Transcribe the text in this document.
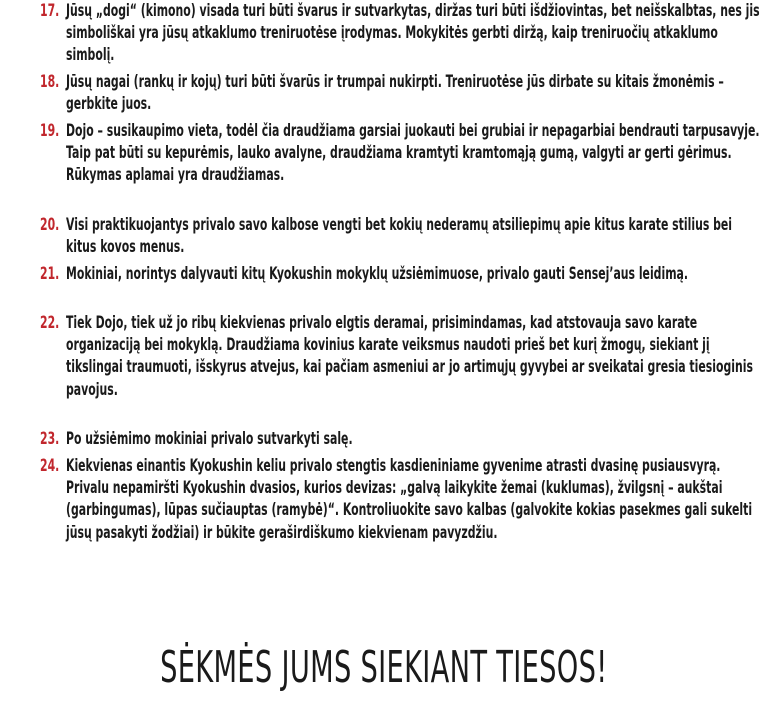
17. Jūsų „dogi“ (kimono) visada turi būti švarus ir sutvarkytas, diržas turi būti išdžiovintas, bet neišskalbtas, nes jis simboliškai yra jūsų atkaklumo treniruotėse įrodymas. Mokykitės gerbti diržą, kaip treniruočių atkaklumo simbolį.
18. Jūsų nagai (rankų ir kojų) turi būti švarūs ir trumpai nukirpti. Treniruotėse jūs dirbate su kitais žmonėmis – gerbkite juos.
19. Dojo – susikaupimo vieta, todėl čia draudžiama garsiai juokauti bei grubiai ir nepagarbiai bendrauti tarpusavyje. Taip pat būti su kepurėmis, lauko avalyne, draudžiama kramtyti kramtomąją gumą, valgyti ar gerti gėrimus. Rūkymas aplamai yra draudžiamas.
20. Visi praktikuojantys privalo savo kalbose vengti bet kokių nederamų atsiliepimų apie kitus karate stilius bei kitus kovos menus.
21. Mokiniai, norintys dalyvauti kitų Kyokushin mokyklų užsiėmimuose, privalo gauti Sensej’aus leidimą.
22. Tiek Dojo, tiek už jo ribų kiekvienas privalo elgtis deramai, prisimindamas, kad atstovauja savo karate organizaciją bei mokyklą. Draudžiama kovinius karate veiksmus naudoti prieš bet kurį žmogų, siekiant jį tikslingai traumuoti, išskyrus atvejus, kai pačiam asmeniui ar jo artimųjų gyvybei ar sveikatai gresia tiesioginis pavojus.
23. Po užsiėmimo mokiniai privalo sutvarkyti salę.
24. Kiekvienas einantis Kyokushin keliu privalo stengtis kasdieniniame gyvenime atrasti dvasinę pusiausvyrą. Privalu nepamiršti Kyokushin dvasios, kurios devizas: „galvą laikykite žemai (kuklumas), žvilgsnį – aukštai (garbingumas), lūpas sučiauptas (ramybė)“. Kontroliuokite savo kalbas (galvokite kokias pasekmes gali sukelti jūsų pasakyti žodžiai) ir būkite geraširdiškumo kiekvienam pavyzdžiu.
SĖKMĖS JUMS SIEKIANT TIESOS!
